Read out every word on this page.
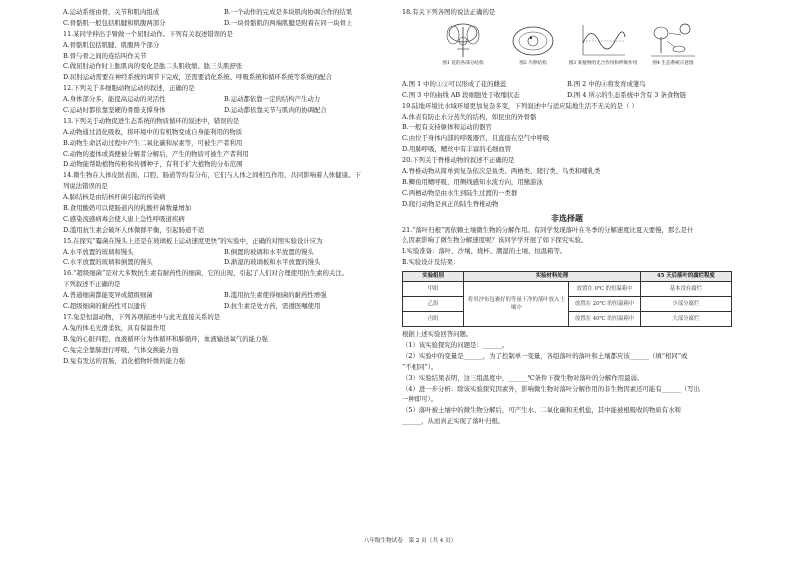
A.运动系统由骨、关节和肌肉组成	B.一个动作的完成是多块肌肉协调合作的结果
C.骨骼肌一般包括肌腱和肌腹两部分	D.一块骨骼肌的两端肌腱是附着在同一块骨上
11.某同学伸出手臂做一个屈肘动作。下列有关叙述错误的是
A.骨骼肌包括肌腱、肌腹两个部分
B.骨与骨之间的连结叫作关节
C.做屈肘动作时上肱肌肉的变化是肱二头肌收缩、肱三头肌舒张
D.屈肘运动需要在神经系统的调节下完成，还需要消化系统、呼吸系统和循环系统等系统的配合
12.下列关于多细胞动物运动的叙述，正确的是
A.身体部分多，能提高运动的灵活性	B.运动都依靠一定的结构产生动力
C.运动时都依靠坚硬的骨骼支撑身体	D.运动都依靠关节与肌肉的协调配合
13.下列关于动物促进生态系统的物质循环的叙述中，错误的是
A.动物通过消化吸收，将环境中的有机物变成自身能利用的物质
B.动物生命活动过程中产生二氧化碳和尿素等，可被生产者利用
C.动物的遗体或粪便被分解者分解后，产生的物质可被生产者利用
D.动物能帮助植物传粉和传播种子，有利于扩大植物的分布范围
14.微生物在人体皮肤表面、口腔、肠道等均有分布，它们与人体之间相互作用，共同影响着人体健康。下
列说法错误的是
A.肺结核是由结核杆菌引起的传染病
B.食用酸奶可以使肠道内的乳酸杆菌数量增加
C.感染流感病毒会使人患上急性呼吸道疾病
D.滥用抗生素会破坏人体微群平衡，引起肠道不适
15.在探究“霉菌在馒头上还是在玻璃板上运动速度更快”的实验中，正确的对照实验设计应为
A.水平放置的玻璃和馒头	B.倒置的玻璃和水平放置的馒头
C.水平放置的玻璃和倒置的馒头	D.渐湿的玻璃板和水平放置的馒头
16.“超级细菌”是对大多数抗生素有耐药性的细菌，它的出现，引起了人们对合理使用抗生素的关注。
下列叙述不正确的是
A.普通细菌都能变异成超级细菌	B.滥用抗生素使得细菌的耐药性增强
C.超级细菌的耐药性可以遗传	D.抗生素是处方药，需遵医嘱使用
17.兔是恒温动物，下列各项描述中与此无直接关系的是
A.兔的体毛光滑柔软，具有保温作用
B.兔的心脏四腔，血液循环分为体循环和肺循环，血液输送氧气的能力强
C.兔完全靠肺进行呼吸，气体交换能力强
D.兔有发达的盲肠，消化植物纤维的能力强
18.有关下列各图的说法正确的是
图1 花的各部分结构	图2 鸟卵结构	图3 某植物的光合作用和呼吸作用	图4 生态系统示意图
A.图 1 中的①②可以形成了花的雌蕊	B.图 2 中的④将发育成雏鸟
C.图 3 中的曲线 AB 段细胞处于收缩状态	D.图 4 所示的生态系统中含有 3 条食物链
19.陆地环境比水域环境更加复杂多变，下列叙述中与适应陆地生活不无关的是（ ）
A.体表有防止水分蒸失的结构，如昆虫的外骨骼
B.一般有支持躯体和运动的器官
C.由位于身体内部的呼吸器官，且直接在空气中呼吸
D.用肺呼吸，鳃丝中有丰富的毛细血管
20.下列关于脊椎动物的叙述不正确的是
A.脊椎动物从简单到复杂依次是鱼类、两栖类、爬行类、鸟类和哺乳类
B.鲫鱼用鳃呼吸，用侧线感知水流方向，用鳍游泳
C.两栖动物是由水生到陆生过渡的一类群
D.爬行动物是真正的陆生脊椎动物
非选择题
21.“落叶归根”需依赖土壤微生物的分解作用。有同学发现落叶在冬季的分解速度比夏天要慢，那么是什
么因素影响了微生物分解速度呢？该同学学开展了如下探究实验。
Ⅰ.实验准备：落叶、沙壤、烧杯、潮湿的土壤、恒温箱等。
Ⅱ.实验设计及结果：
实验组别	实验材料处理		45 天后落叶的腐烂程度
甲组	将用沙布包裹好的等量干净的落叶放入土壤中	放置在 0℃ 的恒温箱中	基本没有腐烂
乙组		放置在 20℃ 的恒温箱中	少部分腐烂
丙组		放置在 40℃ 的恒温箱中	大部分腐烂
根据上述实验回答问题。
（1）该实验探究的问题是：______。
（2）实验中的变量是______，为了控制单一变量，各组落叶的落叶和土壤都应该______（填“相同”或
“不相同”）。
（3）实验结果表明，这三组温度中，______℃条件下微生物对落叶的分解作用最弱。
（4）进一步分析：除该实验探究因素外，影响微生物对落叶分解作用的非生物因素还可能有______（写出
一种即可）。
（5）落叶被土壤中的微生物分解后，可产生水、二氧化碳和无机盐，其中能被根吸收的物质有水和
______，从而真正实现了落叶归根。
八年级生物试卷　第 2 页（共 4 页）
